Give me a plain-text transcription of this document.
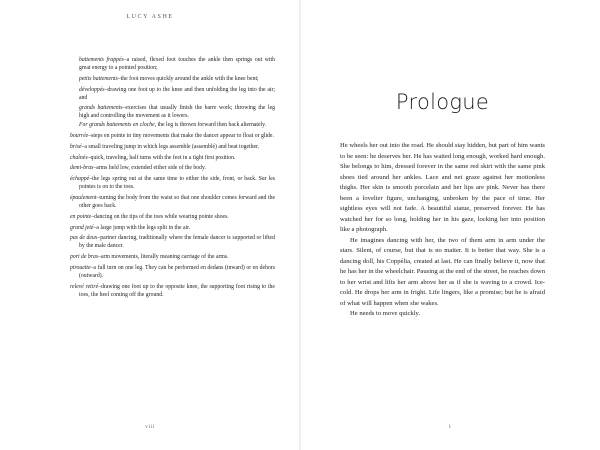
LUCY ASHE

battements frappés–a raised, flexed foot touches the ankle then springs out with great energy to a pointed position;

petits battements–the foot moves quickly around the ankle with the knee bent;

développés–drawing one foot up to the knee and then unfolding the leg into the air; and

grands battements–exercises that usually finish the barre work; throwing the leg high and controlling the movement as it lowers.

For grands battements en cloche, the leg is thrown forward then back alternately.

bourrée–steps en pointe in tiny movements that make the dancer appear to float or glide.

brisé–a small traveling jump in which legs assemble (assemblé) and beat together.

chaînés–quick, traveling, half turns with the feet in a tight first position.

demi-bras–arms held low, extended either side of the body.

échappé–the legs spring out at the same time to either the side, front, or back. Sur les pointes is on to the toes.

épaulement–turning the body from the waist so that one shoulder comes forward and the other goes back.

en pointe–dancing on the tips of the toes while wearing pointe shoes.

grand jeté–a large jump with the legs split in the air.

pas de deux–partner dancing, traditionally where the female dancer is supported or lifted by the male dancer.

port de bras–arm movements, literally meaning carriage of the arms.

pirouette–a full turn on one leg. They can be performed en dedans (inward) or en dehors (outward).

relevé retiré–drawing one foot up to the opposite knee, the supporting foot rising to the toes, the heel coming off the ground.

viii
Prologue

He wheels her out into the road. He should stay hidden, but part of him wants to be seen: he deserves her. He has waited long enough, worked hard enough. She belongs to him, dressed forever in the same red skirt with the same pink shoes tied around her ankles. Lace and net graze against her motionless thighs. Her skin is smooth porcelain and her lips are pink. Never has there been a lovelier figure, unchanging, unbroken by the pace of time. Her sightless eyes will not fade. A beautiful statue, preserved forever. He has watched her for so long, holding her in his gaze, locking her into position like a photograph.

He imagines dancing with her, the two of them arm in arm under the stars. Silent, of course, but that is no matter. It is better that way. She is a dancing doll, his Coppélia, created at last. He can finally believe it, now that he has her in the wheelchair. Pausing at the end of the street, he reaches down to her wrist and lifts her arm above her as if she is waving to a crowd. Ice-cold. He drops her arm in fright. Life lingers, like a promise; but he is afraid of what will happen when she wakes.

He needs to move quickly.

1
